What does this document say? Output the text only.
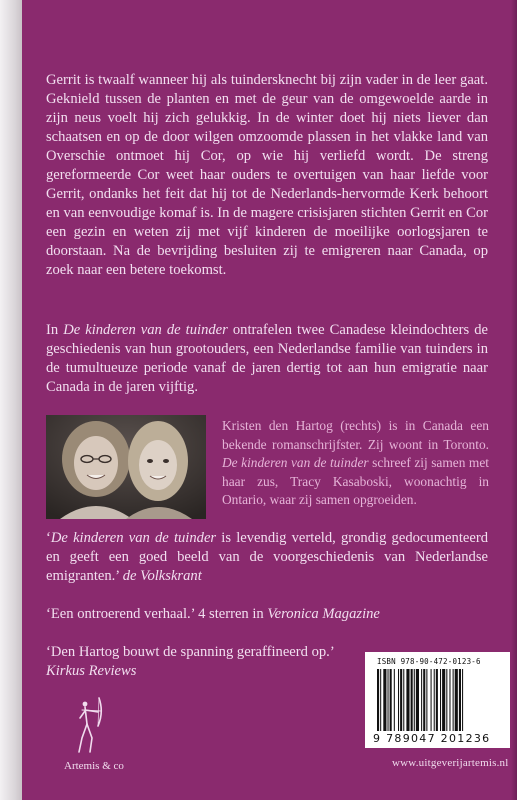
Gerrit is twaalf wanneer hij als tuindersknecht bij zijn vader in de leer gaat. Geknield tussen de planten en met de geur van de omgewoelde aarde in zijn neus voelt hij zich gelukkig. In de winter doet hij niets liever dan schaatsen en op de door wilgen omzoomde plassen in het vlakke land van Overschie ontmoet hij Cor, op wie hij verliefd wordt. De streng gereformeerde Cor weet haar ouders te overtuigen van haar liefde voor Gerrit, ondanks het feit dat hij tot de Nederlands-hervormde Kerk behoort en van eenvoudige komaf is. In de magere crisisjaren stichten Gerrit en Cor een gezin en weten zij met vijf kinderen de moeilijke oorlogsjaren te doorstaan. Na de bevrijding besluiten zij te emigreren naar Canada, op zoek naar een betere toekomst.

In De kinderen van de tuinder ontrafelen twee Canadese kleindochters de geschiedenis van hun grootouders, een Nederlandse familie van tuinders in de tumultueuze periode vanaf de jaren dertig tot aan hun emigratie naar Canada in de jaren vijftig.

Kristen den Hartog (rechts) is in Canada een bekende romanschrijfster. Zij woont in Toronto. De kinderen van de tuinder schreef zij samen met haar zus, Tracy Kasaboski, woonachtig in Ontario, waar zij samen opgroeiden.

‘De kinderen van de tuinder is levendig verteld, grondig gedocumenteerd en geeft een goed beeld van de voorgeschiedenis van Nederlandse emigranten.’ de Volkskrant

‘Een ontroerend verhaal.’ 4 sterren in Veronica Magazine

‘Den Hartog bouwt de spanning geraffineerd op.’
Kirkus Reviews

Artemis & co	www.uitgeverijartemis.nl
ISBN 978-90-472-0123-6
9 789047 201236
